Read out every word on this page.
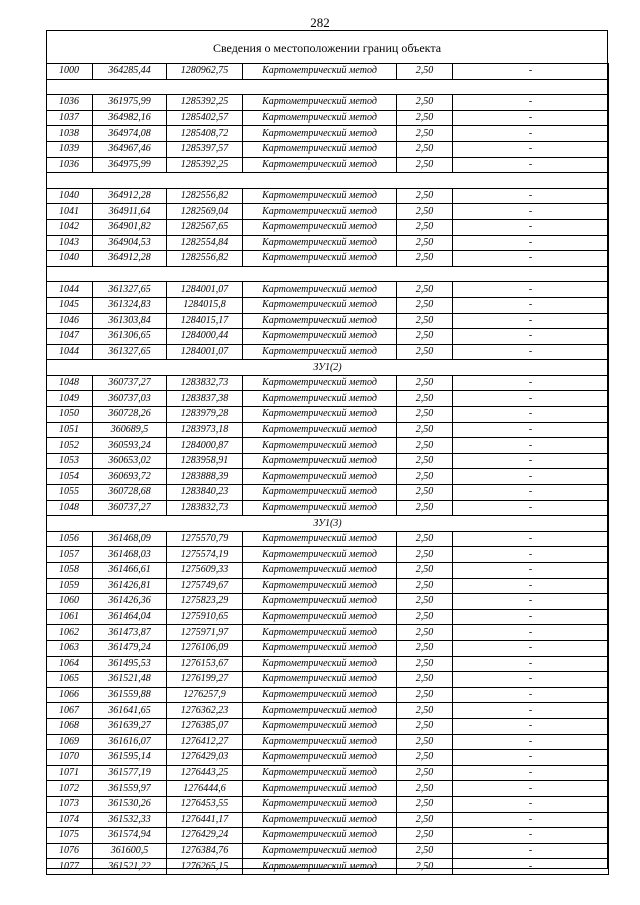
282
Сведения о местоположении границ объекта
1000	364285,44	1280962,75	Картометрический метод	2,50	-

1036	361975,99	1285392,25	Картометрический метод	2,50	-
1037	364982,16	1285402,57	Картометрический метод	2,50	-
1038	364974,08	1285408,72	Картометрический метод	2,50	-
1039	364967,46	1285397,57	Картометрический метод	2,50	-
1036	364975,99	1285392,25	Картометрический метод	2,50	-

1040	364912,28	1282556,82	Картометрический метод	2,50	-
1041	364911,64	1282569,04	Картометрический метод	2,50	-
1042	364901,82	1282567,65	Картометрический метод	2,50	-
1043	364904,53	1282554,84	Картометрический метод	2,50	-
1040	364912,28	1282556,82	Картометрический метод	2,50	-

1044	361327,65	1284001,07	Картометрический метод	2,50	-
1045	361324,83	1284015,8	Картометрический метод	2,50	-
1046	361303,84	1284015,17	Картометрический метод	2,50	-
1047	361306,65	1284000,44	Картометрический метод	2,50	-
1044	361327,65	1284001,07	Картометрический метод	2,50	-
ЗУ1(2)					
1048	360737,27	1283832,73	Картометрический метод	2,50	-
1049	360737,03	1283837,38	Картометрический метод	2,50	-
1050	360728,26	1283979,28	Картометрический метод	2,50	-
1051	360689,5	1283973,18	Картометрический метод	2,50	-
1052	360593,24	1284000,87	Картометрический метод	2,50	-
1053	360653,02	1283958,91	Картометрический метод	2,50	-
1054	360693,72	1283888,39	Картометрический метод	2,50	-
1055	360728,68	1283840,23	Картометрический метод	2,50	-
1048	360737,27	1283832,73	Картометрический метод	2,50	-
ЗУ1(3)					
1056	361468,09	1275570,79	Картометрический метод	2,50	-
1057	361468,03	1275574,19	Картометрический метод	2,50	-
1058	361466,61	1275609,33	Картометрический метод	2,50	-
1059	361426,81	1275749,67	Картометрический метод	2,50	-
1060	361426,36	1275823,29	Картометрический метод	2,50	-
1061	361464,04	1275910,65	Картометрический метод	2,50	-
1062	361473,87	1275971,97	Картометрический метод	2,50	-
1063	361479,24	1276106,09	Картометрический метод	2,50	-
1064	361495,53	1276153,67	Картометрический метод	2,50	-
1065	361521,48	1276199,27	Картометрический метод	2,50	-
1066	361559,88	1276257,9	Картометрический метод	2,50	-
1067	361641,65	1276362,23	Картометрический метод	2,50	-
1068	361639,27	1276385,07	Картометрический метод	2,50	-
1069	361616,07	1276412,27	Картометрический метод	2,50	-
1070	361595,14	1276429,03	Картометрический метод	2,50	-
1071	361577,19	1276443,25	Картометрический метод	2,50	-
1072	361559,97	1276444,6	Картометрический метод	2,50	-
1073	361530,26	1276453,55	Картометрический метод	2,50	-
1074	361532,33	1276441,17	Картометрический метод	2,50	-
1075	361574,94	1276429,24	Картометрический метод	2,50	-
1076	361600,5	1276384,76	Картометрический метод	2,50	-
1077	361521,22	1276265,15	Картометрический метод	2,50	-
